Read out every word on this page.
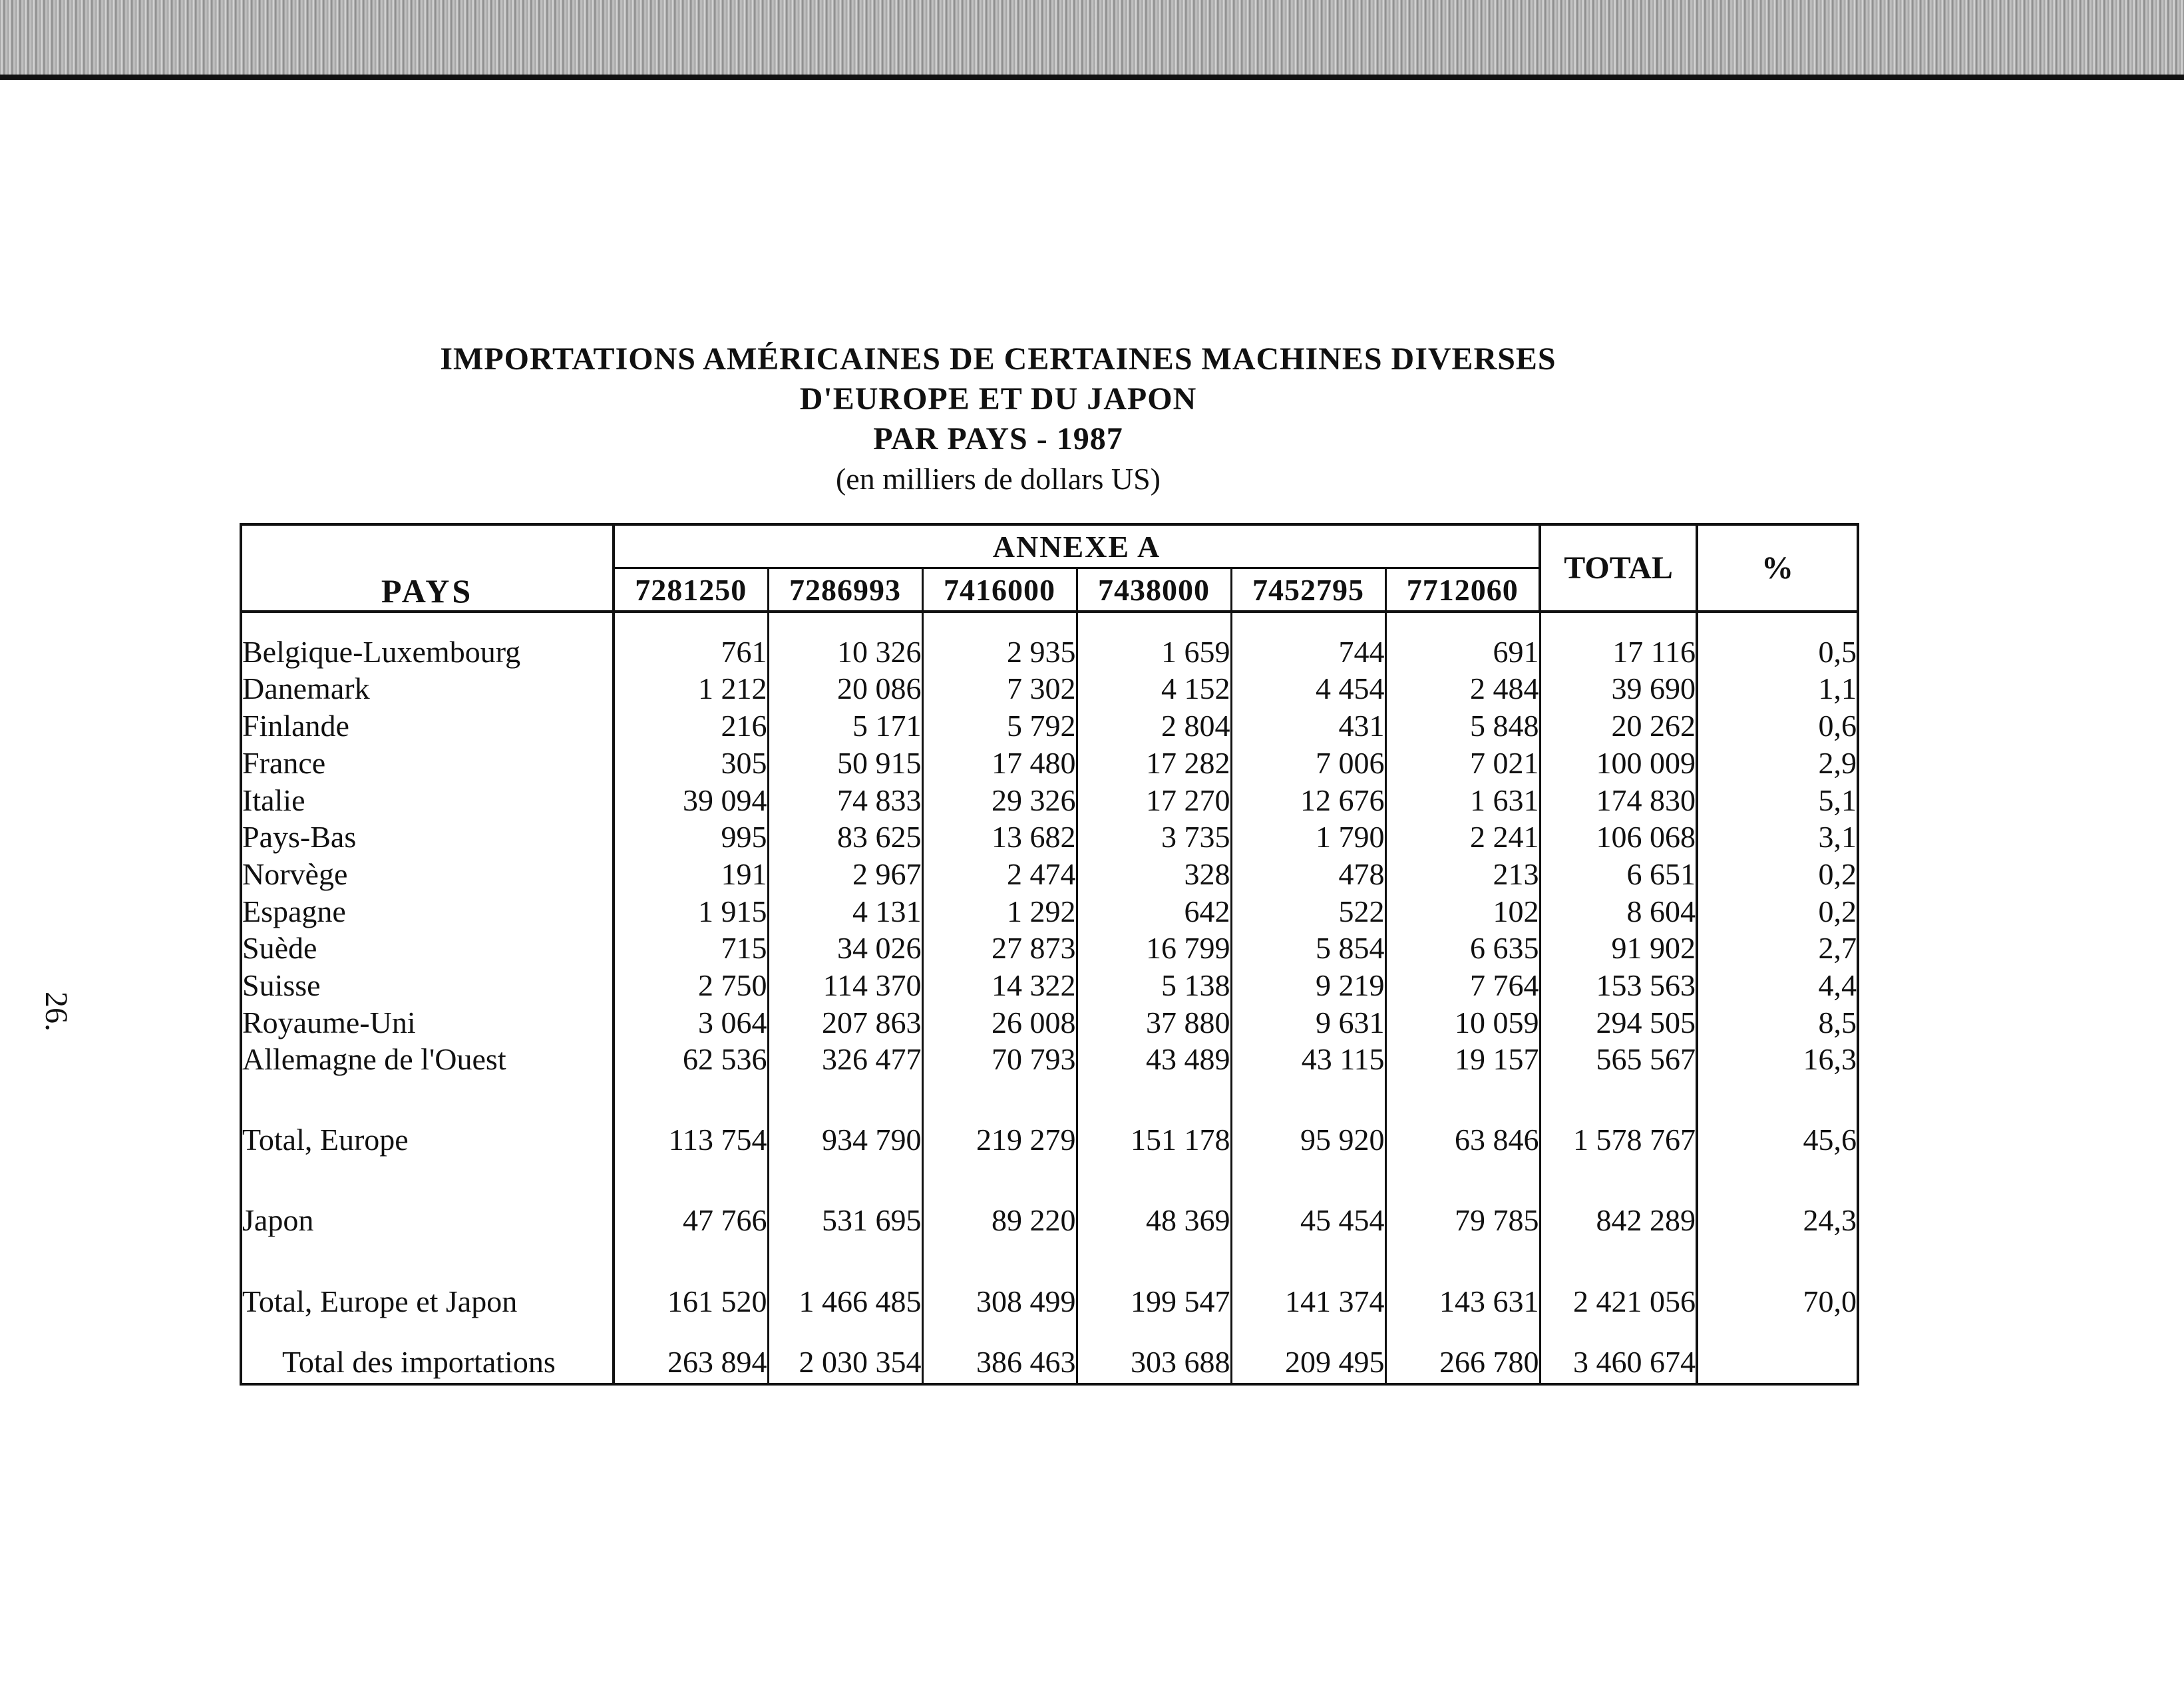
26.
IMPORTATIONS AMÉRICAINES DE CERTAINES MACHINES DIVERSES
D'EUROPE ET DU JAPON
PAR PAYS - 1987
(en milliers de dollars US)
PAYS	ANNEXE A						TOTAL	%
	7281250	7286993	7416000	7438000	7452795	7712060		

Belgique-Luxembourg	761	10 326	2 935	1 659	744	691	17 116	0,5
Danemark	1 212	20 086	7 302	4 152	4 454	2 484	39 690	1,1
Finlande	216	5 171	5 792	2 804	431	5 848	20 262	0,6
France	305	50 915	17 480	17 282	7 006	7 021	100 009	2,9
Italie	39 094	74 833	29 326	17 270	12 676	1 631	174 830	5,1
Pays-Bas	995	83 625	13 682	3 735	1 790	2 241	106 068	3,1
Norvège	191	2 967	2 474	328	478	213	6 651	0,2
Espagne	1 915	4 131	1 292	642	522	102	8 604	0,2
Suède	715	34 026	27 873	16 799	5 854	6 635	91 902	2,7
Suisse	2 750	114 370	14 322	5 138	9 219	7 764	153 563	4,4
Royaume-Uni	3 064	207 863	26 008	37 880	9 631	10 059	294 505	8,5
Allemagne de l'Ouest	62 536	326 477	70 793	43 489	43 115	19 157	565 567	16,3

Total, Europe	113 754	934 790	219 279	151 178	95 920	63 846	1 578 767	45,6

Japon	47 766	531 695	89 220	48 369	45 454	79 785	842 289	24,3

Total, Europe et Japon	161 520	1 466 485	308 499	199 547	141 374	143 631	2 421 056	70,0

Total des importations	263 894	2 030 354	386 463	303 688	209 495	266 780	3 460 674	
